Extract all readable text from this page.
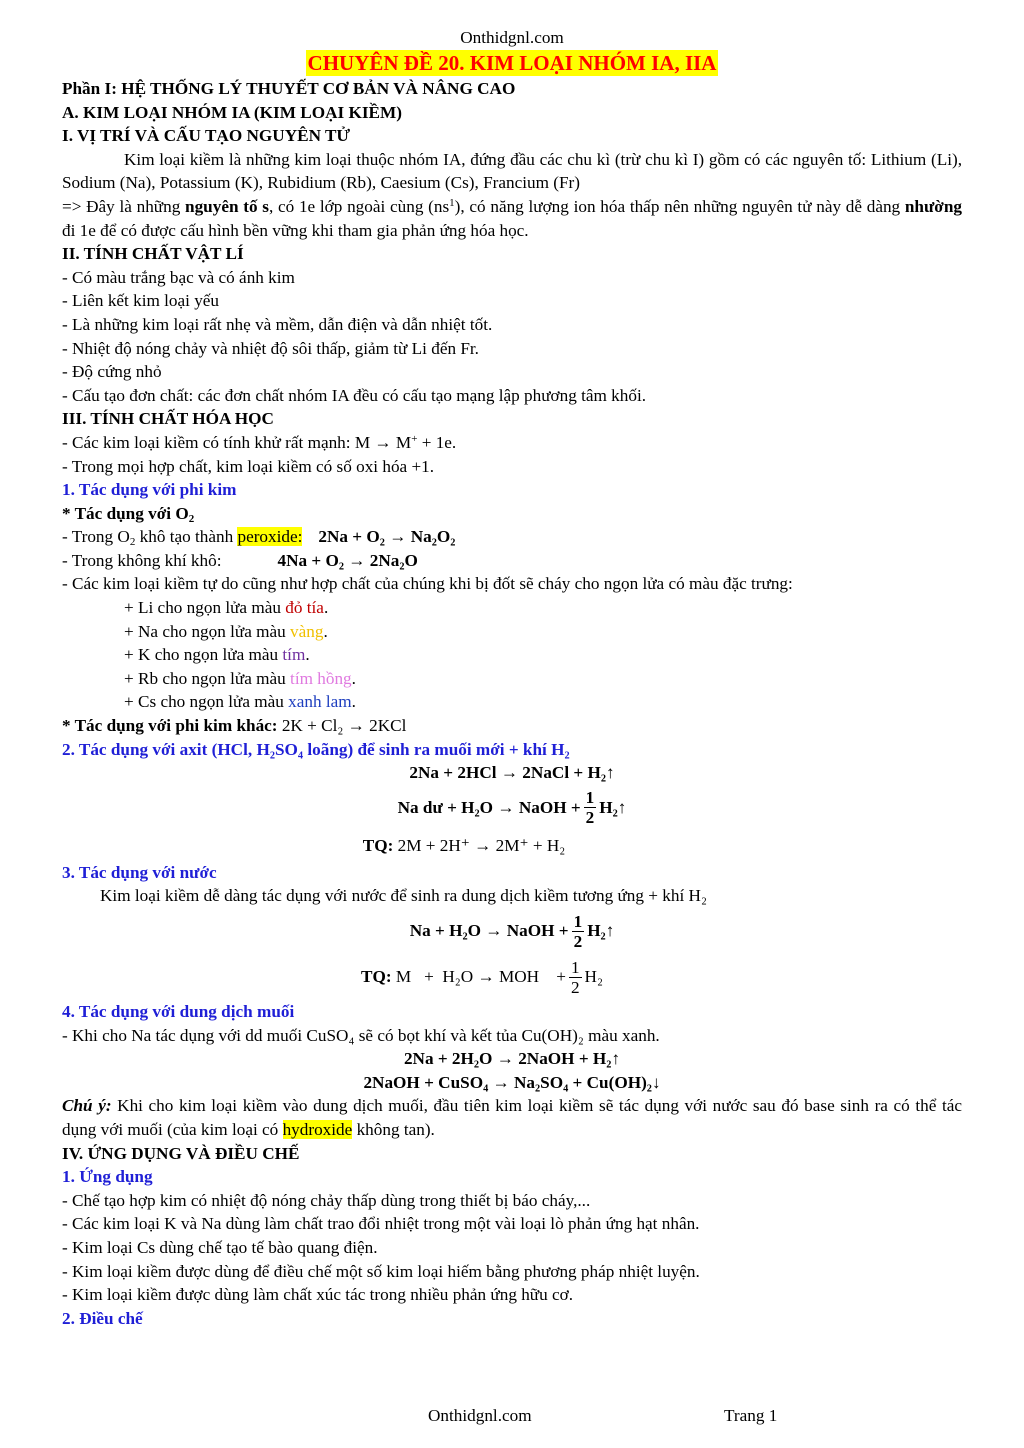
Onthidgnl.com
CHUYÊN ĐỀ 20. KIM LOẠI NHÓM IA, IIA
Phần I: HỆ THỐNG LÝ THUYẾT CƠ BẢN VÀ NÂNG CAO
A. KIM LOẠI NHÓM IA (KIM LOẠI KIỀM)
I. VỊ TRÍ VÀ CẤU TẠO NGUYÊN TỬ
Kim loại kiềm là những kim loại thuộc nhóm IA, đứng đầu các chu kì (trừ chu kì I) gồm có các nguyên tố: Lithium (Li), Sodium (Na), Potassium (K), Rubidium (Rb), Caesium (Cs), Francium (Fr)
=> Đây là những nguyên tố s, có 1e lớp ngoài cùng $(ns^1)$, có năng lượng ion hóa thấp nên những nguyên tử này dễ dàng nhường đi 1e để có được cấu hình bền vững khi tham gia phản ứng hóa học.
II. TÍNH CHẤT VẬT LÍ
- Có màu trắng bạc và có ánh kim
- Liên kết kim loại yếu
- Là những kim loại rất nhẹ và mềm, dẫn điện và dẫn nhiệt tốt.
- Nhiệt độ nóng chảy và nhiệt độ sôi thấp, giảm từ Li đến Fr.
- Độ cứng nhỏ
- Cấu tạo đơn chất: các đơn chất nhóm IA đều có cấu tạo mạng lập phương tâm khối.
III. TÍNH CHẤT HÓA HỌC
- Các kim loại kiềm có tính khử rất mạnh: M → M+ + 1e.
- Trong mọi hợp chất, kim loại kiềm có số oxi hóa +1.
1. Tác dụng với phi kim
* Tác dụng với $O_2$
- Trong $O_2$ khô tạo thành peroxide: 2Na + O₂ → Na₂O₂
- Trong không khí khô:	4Na + O₂ → 2Na₂O
- Các kim loại kiềm tự do cũng như hợp chất của chúng khi bị đốt sẽ cháy cho ngọn lửa có màu đặc trưng:
+ Li cho ngọn lửa màu đỏ tía.
+ Na cho ngọn lửa màu vàng.
+ K cho ngọn lửa màu tím.
+ Rb cho ngọn lửa màu tím hồng.
+ Cs cho ngọn lửa màu xanh lam.
* Tác dụng với phi kim khác: 2K + Cl₂ → 2KCl
2. Tác dụng với axit (HCl, H₂SO₄ loãng) để sinh ra muối mới + khí H₂
2Na + 2HCl → 2NaCl + H₂↑
Na dư + H₂O → NaOH + $\frac{1}{2}$ H₂↑
TQ: 2M + 2H⁺ → 2M⁺ + H₂
3. Tác dụng với nước
Kim loại kiềm dễ dàng tác dụng với nước để sinh ra dung dịch kiềm tương ứng + khí H₂
Na + H₂O → NaOH + $\frac{1}{2}$ H₂↑
TQ: M   +  H₂O → MOH    + $\frac{1}{2} H_2$
4. Tác dụng với dung dịch muối
- Khi cho Na tác dụng với dd muối CuSO₄ sẽ có bọt khí và kết tủa Cu(OH)₂ màu xanh.
2Na + 2H₂O → 2NaOH + H₂↑
2NaOH + CuSO₄ → Na₂SO₄ + Cu(OH)₂↓
Chú ý: Khi cho kim loại kiềm vào dung dịch muối, đầu tiên kim loại kiềm sẽ tác dụng với nước sau đó base sinh ra có thể tác dụng với muối (của kim loại có hydroxide không tan).
IV. ỨNG DỤNG VÀ ĐIỀU CHẾ
1. Ứng dụng
- Chế tạo hợp kim có nhiệt độ nóng chảy thấp dùng trong thiết bị báo cháy,...
- Các kim loại K và Na dùng làm chất trao đổi nhiệt trong một vài loại lò phản ứng hạt nhân.
- Kim loại Cs dùng chế tạo tế bào quang điện.
- Kim loại kiềm được dùng để điều chế một số kim loại hiếm bằng phương pháp nhiệt luyện.
- Kim loại kiềm được dùng làm chất xúc tác trong nhiều phản ứng hữu cơ.
2. Điều chế
Onthidgnl.com	Trang 1
